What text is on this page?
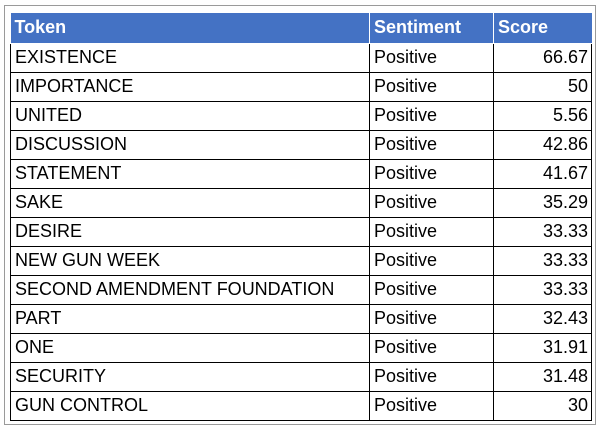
Token	Sentiment	Score
EXISTENCE	Positive	66.67
IMPORTANCE	Positive	50
UNITED	Positive	5.56
DISCUSSION	Positive	42.86
STATEMENT	Positive	41.67
SAKE	Positive	35.29
DESIRE	Positive	33.33
NEW GUN WEEK	Positive	33.33
SECOND AMENDMENT FOUNDATION	Positive	33.33
PART	Positive	32.43
ONE	Positive	31.91
SECURITY	Positive	31.48
GUN CONTROL	Positive	30
